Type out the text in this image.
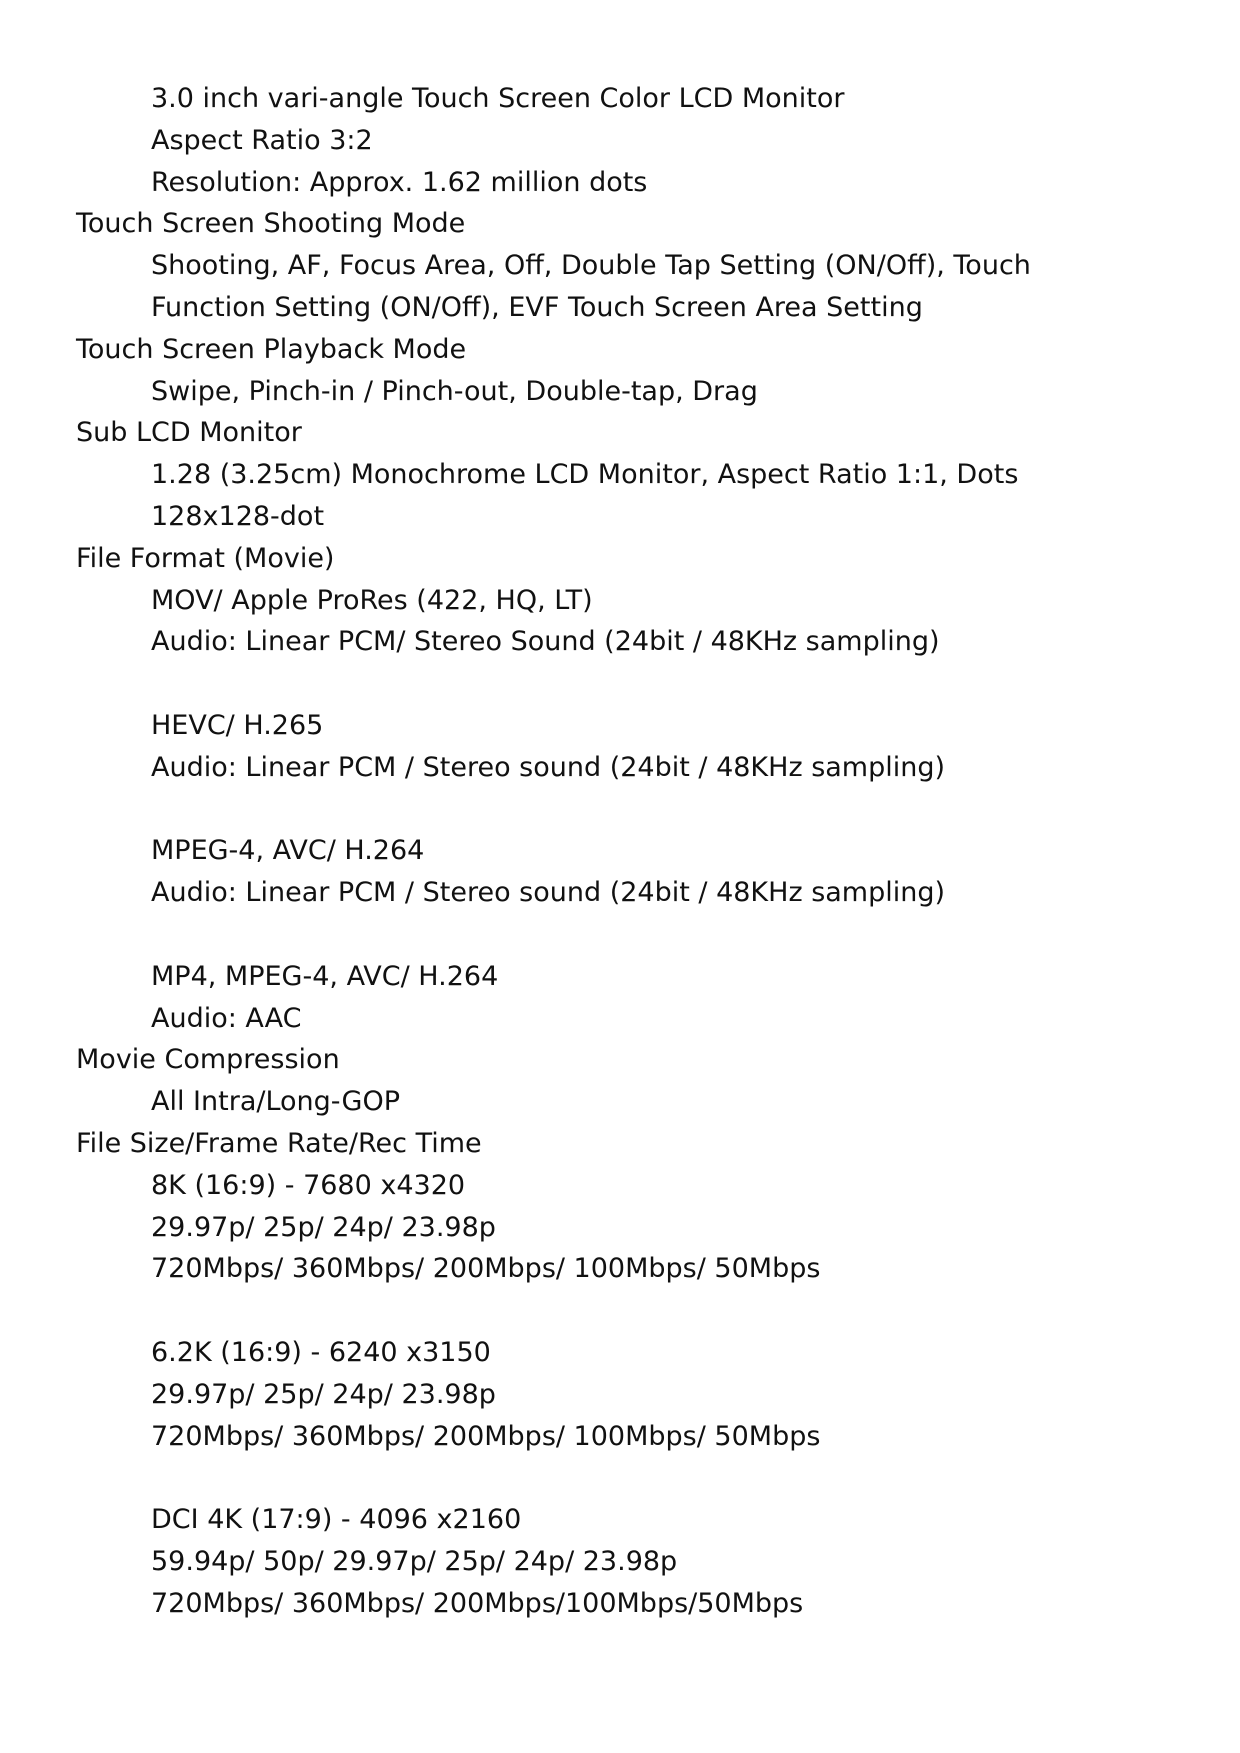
3.0 inch vari-angle Touch Screen Color LCD Monitor
Aspect Ratio 3:2
Resolution: Approx. 1.62 million dots
Touch Screen Shooting Mode
Shooting, AF, Focus Area, Off, Double Tap Setting (ON/Off), Touch
Function Setting (ON/Off), EVF Touch Screen Area Setting
Touch Screen Playback Mode
Swipe, Pinch-in / Pinch-out, Double-tap, Drag
Sub LCD Monitor
1.28 (3.25cm) Monochrome LCD Monitor, Aspect Ratio 1:1, Dots
128x128-dot
File Format (Movie)
MOV/ Apple ProRes (422, HQ, LT)
Audio: Linear PCM/ Stereo Sound (24bit / 48KHz sampling)
HEVC/ H.265
Audio: Linear PCM / Stereo sound (24bit / 48KHz sampling)
MPEG-4, AVC/ H.264
Audio: Linear PCM / Stereo sound (24bit / 48KHz sampling)
MP4, MPEG-4, AVC/ H.264
Audio: AAC
Movie Compression
All Intra/Long-GOP
File Size/Frame Rate/Rec Time
8K (16:9) - 7680 x4320
29.97p/ 25p/ 24p/ 23.98p
720Mbps/ 360Mbps/ 200Mbps/ 100Mbps/ 50Mbps
6.2K (16:9) - 6240 x3150
29.97p/ 25p/ 24p/ 23.98p
720Mbps/ 360Mbps/ 200Mbps/ 100Mbps/ 50Mbps
DCI 4K (17:9) - 4096 x2160
59.94p/ 50p/ 29.97p/ 25p/ 24p/ 23.98p
720Mbps/ 360Mbps/ 200Mbps/100Mbps/50Mbps
